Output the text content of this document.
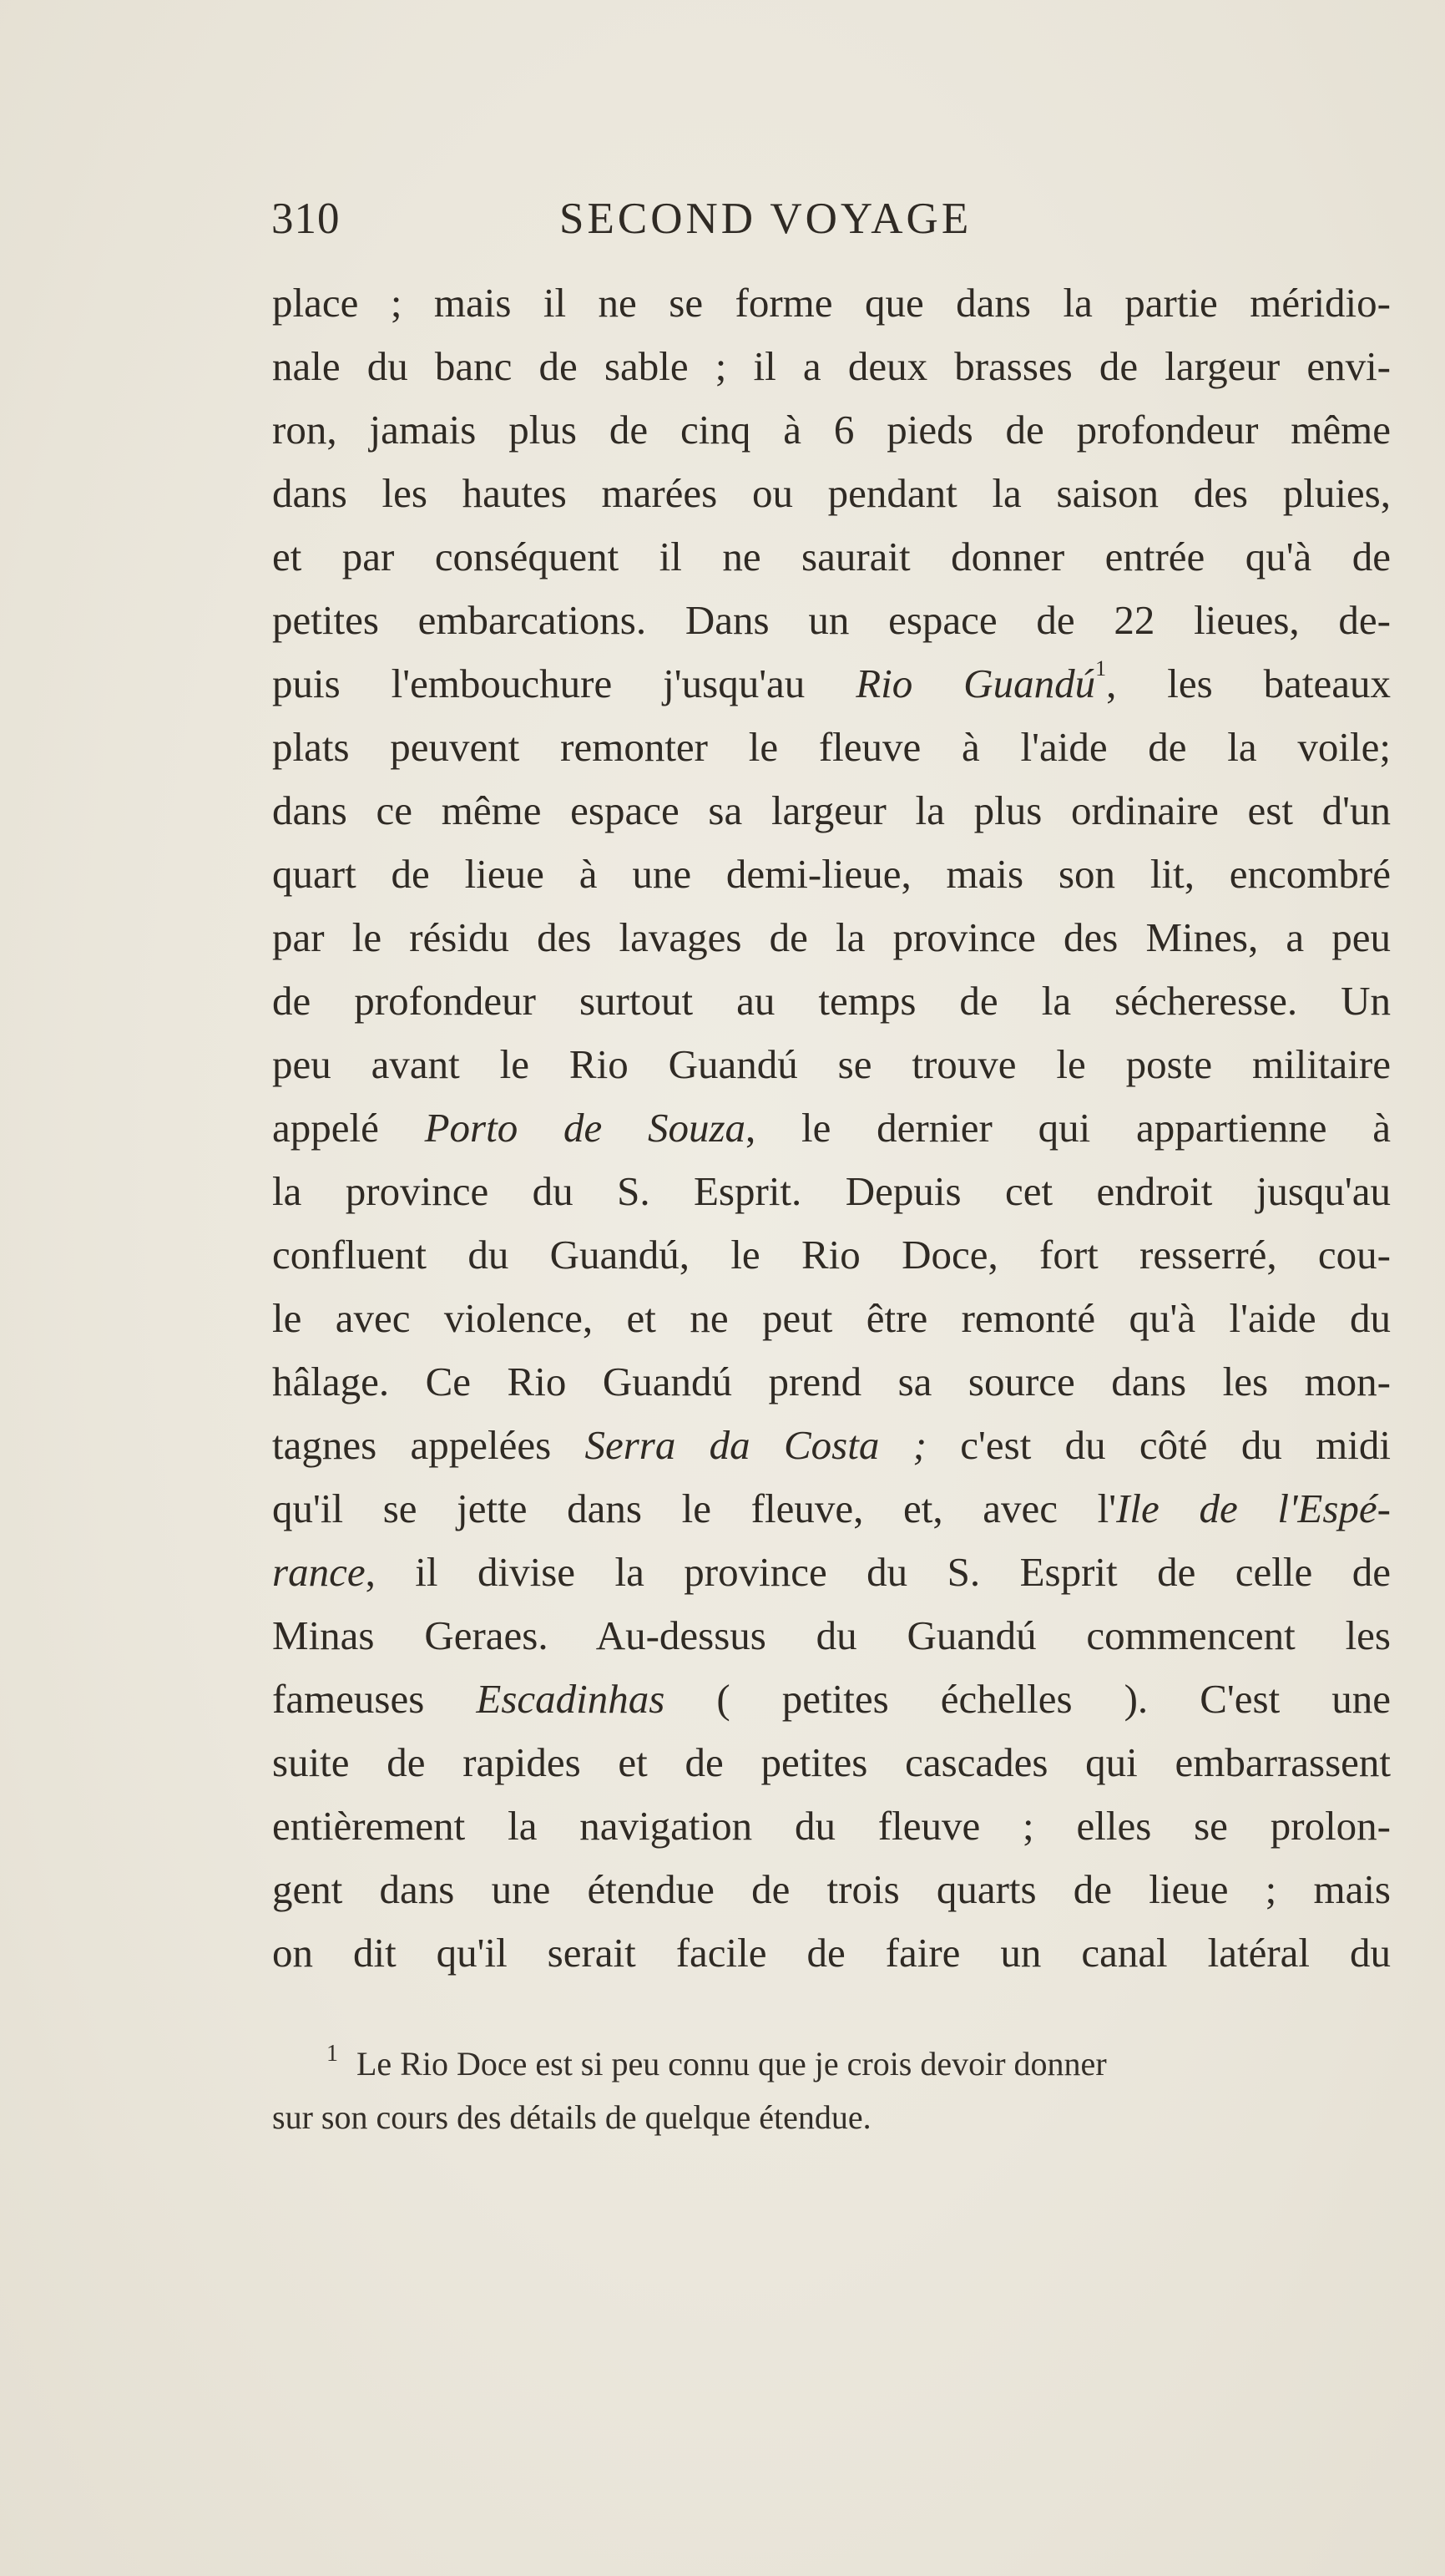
310	SECOND VOYAGE
place ; mais il ne se forme que dans la partie méridio-
nale du banc de sable ; il a deux brasses de largeur envi-
ron, jamais plus de cinq à 6 pieds de profondeur même
dans les hautes marées ou pendant la saison des pluies,
et par conséquent il ne saurait donner entrée qu'à de
petites embarcations. Dans un espace de 22 lieues, de-
puis l'embouchure j'usqu'au Rio Guandú$^1$, les bateaux
plats peuvent remonter le fleuve à l'aide de la voile;
dans ce même espace sa largeur la plus ordinaire est d'un
quart de lieue à une demi-lieue, mais son lit, encombré
par le résidu des lavages de la province des Mines, a peu
de profondeur surtout au temps de la sécheresse. Un
peu avant le Rio Guandú se trouve le poste militaire
appelé Porto de Souza, le dernier qui appartienne à
la province du S. Esprit. Depuis cet endroit jusqu'au
confluent du Guandú, le Rio Doce, fort resserré, cou-
le avec violence, et ne peut être remonté qu'à l'aide du
hâlage. Ce Rio Guandú prend sa source dans les mon-
tagnes appelées Serra da Costa ; c'est du côté du midi
qu'il se jette dans le fleuve, et, avec l'Ile de l'Espé-
rance, il divise la province du S. Esprit de celle de
Minas Geraes. Au-dessus du Guandú commencent les
fameuses Escadinhas ( petites échelles ). C'est une
suite de rapides et de petites cascades qui embarrassent
entièrement la navigation du fleuve ; elles se prolon-
gent dans une étendue de trois quarts de lieue ; mais
on dit qu'il serait facile de faire un canal latéral du
$^1$ Le Rio Doce est si peu connu que je crois devoir donner
sur son cours des détails de quelque étendue.
